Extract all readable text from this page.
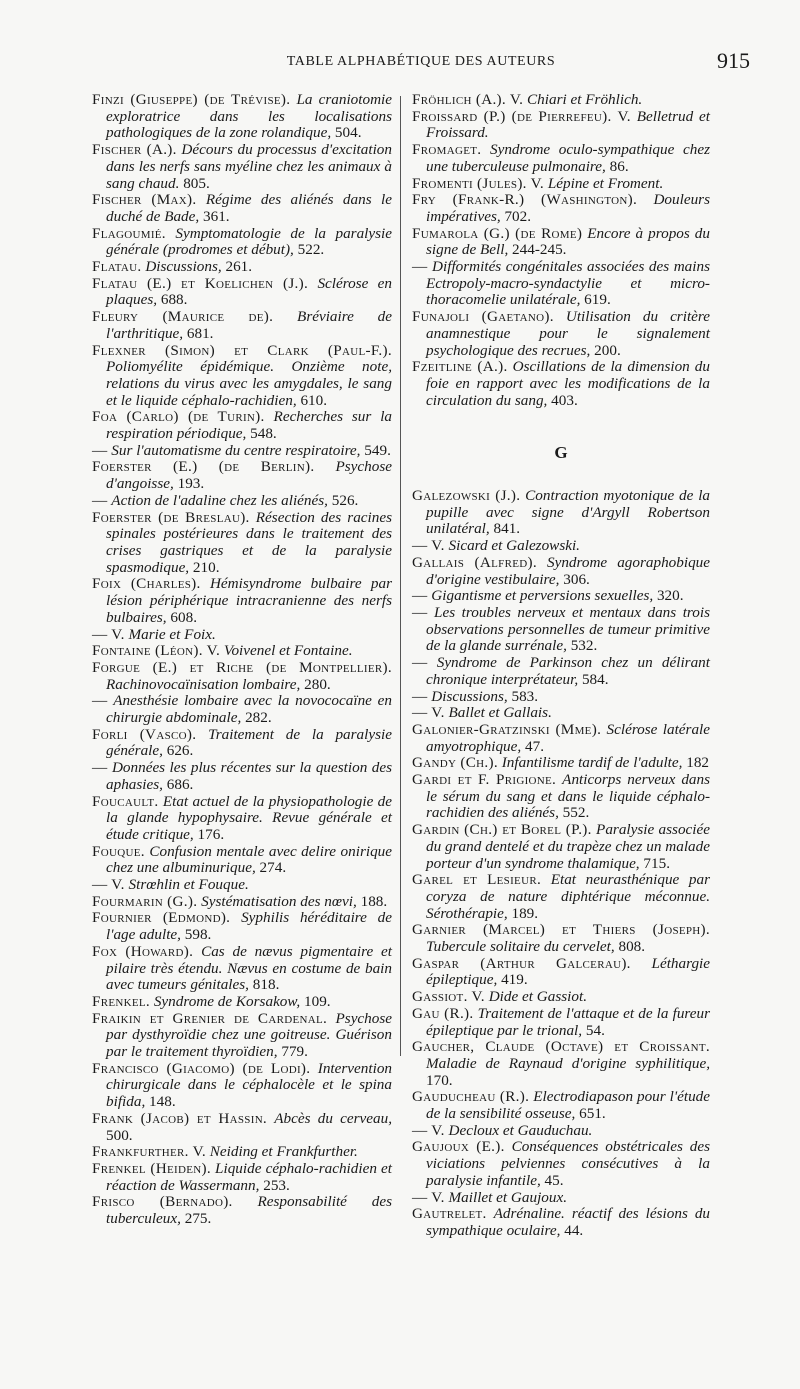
TABLE ALPHABÉTIQUE DES AUTEURS	915

Finzi (Giuseppe) (de Trévise). La craniotomie exploratrice dans les localisations pathologiques de la zone rolandique, 504.

Fischer (A.). Décours du processus d'excitation dans les nerfs sans myéline chez les animaux à sang chaud. 805.

Fischer (Max). Régime des aliénés dans le duché de Bade, 361.

Flagoumié. Symptomatologie de la paralysie générale (prodromes et début), 522.

Flatau. Discussions, 261.

Flatau (E.) et Koelichen (J.). Sclérose en plaques, 688.

Fleury (Maurice de). Bréviaire de l'arthritique, 681.

Flexner (Simon) et Clark (Paul-F.). Poliomyélite épidémique. Onzième note, relations du virus avec les amygdales, le sang et le liquide céphalo-rachidien, 610.

Foa (Carlo) (de Turin). Recherches sur la respiration périodique, 548.

— Sur l'automatisme du centre respiratoire, 549.

Foerster (E.) (de Berlin). Psychose d'angoisse, 193.

— Action de l'adaline chez les aliénés, 526.

Foerster (de Breslau). Résection des racines spinales postérieures dans le traitement des crises gastriques et de la paralysie spasmodique, 210.

Foix (Charles). Hémisyndrome bulbaire par lésion périphérique intracranienne des nerfs bulbaires, 608.

— V. Marie et Foix.

Fontaine (Léon). V. Voivenel et Fontaine.

Forgue (E.) et Riche (de Montpellier). Rachinovocaïnisation lombaire, 280.

— Anesthésie lombaire avec la novococaïne en chirurgie abdominale, 282.

Forli (Vasco). Traitement de la paralysie générale, 626.

— Données les plus récentes sur la question des aphasies, 686.

Foucault. Etat actuel de la physiopathologie de la glande hypophysaire. Revue générale et étude critique, 176.

Fouque. Confusion mentale avec delire onirique chez une albuminurique, 274.

— V. Strœhlin et Fouque.

Fourmarin (G.). Systématisation des nœvi, 188.

Fournier (Edmond). Syphilis héréditaire de l'age adulte, 598.

Fox (Howard). Cas de nævus pigmentaire et pilaire très étendu. Nævus en costume de bain avec tumeurs génitales, 818.

Frenkel. Syndrome de Korsakow, 109.

Fraikin et Grenier de Cardenal. Psychose par dysthyroïdie chez une goitreuse. Guérison par le traitement thyroïdien, 779.

Francisco (Giacomo) (de Lodi). Intervention chirurgicale dans le céphalocèle et le spina bifida, 148.

Frank (Jacob) et Hassin. Abcès du cerveau, 500.

Frankfurther. V. Neiding et Frankfurther.

Frenkel (Heiden). Liquide céphalo-rachidien et réaction de Wassermann, 253.

Frisco (Bernado). Responsabilité des tuberculeux, 275.

Fröhlich (A.). V. Chiari et Fröhlich.

Froissard (P.) (de Pierrefeu). V. Belletrud et Froissard.

Fromaget. Syndrome oculo-sympathique chez une tuberculeuse pulmonaire, 86.

Fromenti (Jules). V. Lépine et Froment.

Fry (Frank-R.) (Washington). Douleurs impératives, 702.

Fumarola (G.) (de Rome) Encore à propos du signe de Bell, 244-245.

— Difformités congénitales associées des mains Ectropoly-macro-syndactylie et micro-thoracomelie unilatérale, 619.

Funajoli (Gaetano). Utilisation du critère anamnestique pour le signalement psychologique des recrues, 200.

Fzeitline (A.). Oscillations de la dimension du foie en rapport avec les modifications de la circulation du sang, 403.

G

Galezowski (J.). Contraction myotonique de la pupille avec signe d'Argyll Robertson unilatéral, 841.

— V. Sicard et Galezowski.

Gallais (Alfred). Syndrome agoraphobique d'origine vestibulaire, 306.

— Gigantisme et perversions sexuelles, 320.

— Les troubles nerveux et mentaux dans trois observations personnelles de tumeur primitive de la glande surrénale, 532.

— Syndrome de Parkinson chez un délirant chronique interprétateur, 584.

— Discussions, 583.

— V. Ballet et Gallais.

Galonier-Gratzinski (Mme). Sclérose latérale amyotrophique, 47.

Gandy (Ch.). Infantilisme tardif de l'adulte, 182

Gardi et F. Prigione. Anticorps nerveux dans le sérum du sang et dans le liquide céphalo-rachidien des aliénés, 552.

Gardin (Ch.) et Borel (P.). Paralysie associée du grand dentelé et du trapèze chez un malade porteur d'un syndrome thalamique, 715.

Garel et Lesieur. Etat neurasthénique par coryza de nature diphtérique méconnue. Sérothérapie, 189.

Garnier (Marcel) et Thiers (Joseph). Tubercule solitaire du cervelet, 808.

Gaspar (Arthur Galcerau). Léthargie épileptique, 419.

Gassiot. V. Dide et Gassiot.

Gau (R.). Traitement de l'attaque et de la fureur épileptique par le trional, 54.

Gaucher, Claude (Octave) et Croissant. Maladie de Raynaud d'origine syphilitique, 170.

Gauducheau (R.). Electrodiapason pour l'étude de la sensibilité osseuse, 651.

— V. Decloux et Gauduchau.

Gaujoux (E.). Conséquences obstétricales des viciations pelviennes consécutives à la paralysie infantile, 45.

— V. Maillet et Gaujoux.

Gautrelet. Adrénaline. réactif des lésions du sympathique oculaire, 44.
